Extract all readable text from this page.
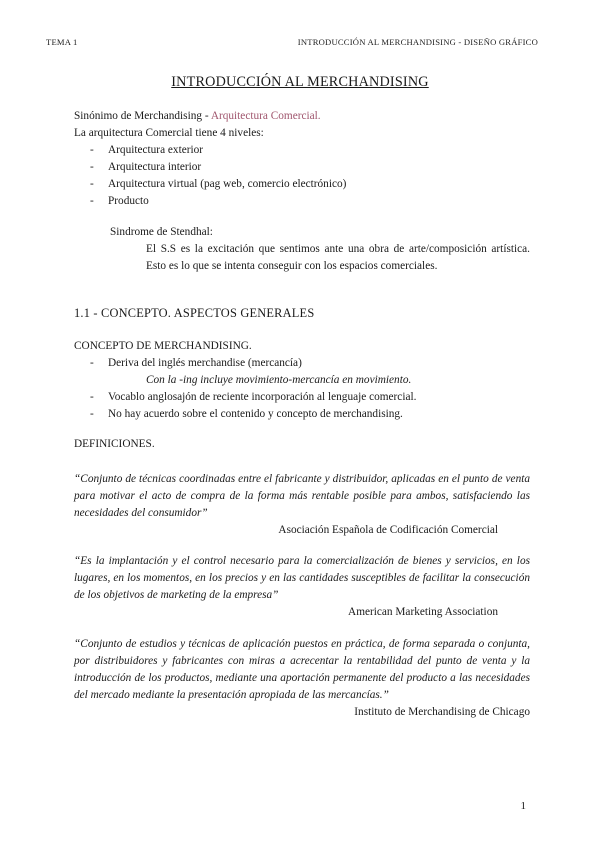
TEMA 1	INTRODUCCIÓN AL MERCHANDISING - DISEÑO GRÁFICO
INTRODUCCIÓN AL MERCHANDISING
Sinónimo de Merchandising - Arquitectura Comercial.
La arquitectura Comercial tiene 4 niveles:
- Arquitectura exterior
- Arquitectura interior
- Arquitectura virtual (pag web, comercio electrónico)
- Producto
Sindrome de Stendhal:
El S.S es la excitación que sentimos ante una obra de arte/composición artística. Esto es lo que se intenta conseguir con los espacios comerciales.
1.1 - CONCEPTO. ASPECTOS GENERALES
CONCEPTO DE MERCHANDISING.
- Deriva del inglés merchandise (mercancía)
Con la -ing incluye movimiento-mercancía en movimiento.
- Vocablo anglosajón de reciente incorporación al lenguaje comercial.
- No hay acuerdo sobre el contenido y concepto de merchandising.
DEFINICIONES.
“Conjunto de técnicas coordinadas entre el fabricante y distribuidor, aplicadas en el punto de venta para motivar el acto de compra de la forma más rentable posible para ambos, satisfaciendo las necesidades del consumidor”
Asociación Española de Codificación Comercial
“Es la implantación y el control necesario para la comercialización de bienes y servicios, en los lugares, en los momentos, en los precios y en las cantidades susceptibles de facilitar la consecución de los objetivos de marketing de la empresa”
American Marketing Association
“Conjunto de estudios y técnicas de aplicación puestos en práctica, de forma separada o conjunta, por distribuidores y fabricantes con miras a acrecentar la rentabilidad del punto de venta y la introducción de los productos, mediante una aportación permanente del producto a las necesidades del mercado mediante la presentación apropiada de las mercancías.”
Instituto de Merchandising de Chicago
1
